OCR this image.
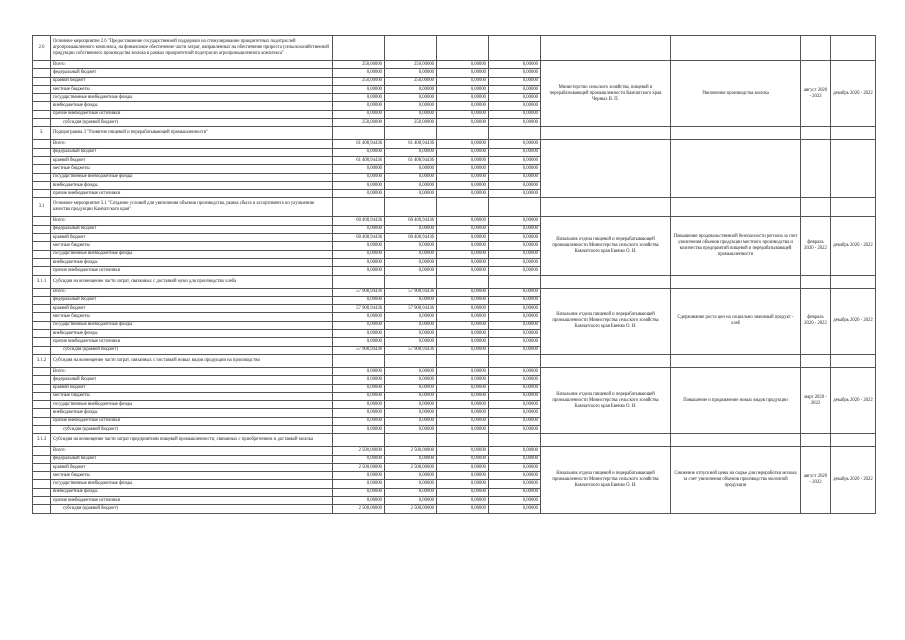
2.6	Основное мероприятие 2.6 "Предоставление государственной поддержки на стимулирование приоритетных подотраслей агропромышленного комплекса, на финансовое обеспечение части затрат, направленных на обеспечение прироста (сельскохозяйственной продукции собственного производства молока в рамках приоритетной подотрасли агропромышленного комплекса"								
	Всего:	250,00000	250,00000	0,00000	0,00000	Министерство сельского хозяйства, пищевой и перерабатывающей промышленности Камчатского края Черных В. П.	Увеличение производства молока	август 2020 - 2022	декабрь 2020 - 2022
	федеральный бюджет	0,00000	0,00000	0,00000	0,00000				
	краевой бюджет	250,00000	250,00000	0,00000	0,00000				
	местные бюджеты	0,00000	0,00000	0,00000	0,00000				
	государственные внебюджетные фонды	0,00000	0,00000	0,00000	0,00000				
	внебюджетные фонды	0,00000	0,00000	0,00000	0,00000				
	прочие внебюджетные источники	0,00000	0,00000	0,00000	0,00000				
	субсидия (краевой бюджет)	250,00000	250,00000	0,00000	0,00000				
3.	Подпрограмма 3 "Развитие пищевой и перерабатывающей промышленности"								
	Всего:	61 408,94436	61 408,94436	0,00000	0,00000				
	федеральный бюджет	0,00000	0,00000	0,00000	0,00000				
	краевой бюджет	61 408,94436	61 408,94436	0,00000	0,00000				
	местные бюджеты	0,00000	0,00000	0,00000	0,00000				
	государственные внебюджетные фонды	0,00000	0,00000	0,00000	0,00000				
	внебюджетные фонды	0,00000	0,00000	0,00000	0,00000				
	прочие внебюджетные источники	0,00000	0,00000	0,00000	0,00000				
3.1	Основное мероприятие 3.1 "Создание условий для увеличения объемов производства, рынка сбыта и ассортимента по улучшению качества продукции Камчатского края"								
	Всего:	60 408,94436	60 408,94436	0,00000	0,00000	Начальник отдела пищевой и перерабатывающей промышленности Министерства сельского хозяйства Камчатского края Евенко О. И.	Повышение продовольственной безопасности региона за счет увеличения объемов продукции местного производства и количества предприятий пищевой и перерабатывающей промышленности	февраль 2020 - 2022	декабрь 2020 - 2022
	федеральный бюджет	0,00000	0,00000	0,00000	0,00000				
	краевой бюджет	60 408,94436	60 408,94436	0,00000	0,00000				
	местные бюджеты	0,00000	0,00000	0,00000	0,00000				
	государственные внебюджетные фонды	0,00000	0,00000	0,00000	0,00000				
	внебюджетные фонды	0,00000	0,00000	0,00000	0,00000				
	прочие внебюджетные источники	0,00000	0,00000	0,00000	0,00000				
3.1.1	Субсидия на возмещение части затрат, связанных с доставкой муки для производства хлеба								
	Всего:	57 908,94436	57 908,94436	0,00000	0,00000	Начальник отдела пищевой и перерабатывающей промышленности Министерства сельского хозяйства Камчатского края Евенко О. И.	Сдерживание роста цен на социально значимый продукт - хлеб	февраль 2020 - 2022	декабрь 2020 - 2022
	федеральный бюджет	0,00000	0,00000	0,00000	0,00000				
	краевой бюджет	57 908,94436	57 908,94436	0,00000	0,00000				
	местные бюджеты	0,00000	0,00000	0,00000	0,00000				
	государственные внебюджетные фонды	0,00000	0,00000	0,00000	0,00000				
	внебюджетные фонды	0,00000	0,00000	0,00000	0,00000				
	прочие внебюджетные источники	0,00000	0,00000	0,00000	0,00000				
	субсидия (краевой бюджет)	57 908,94436	57 908,94436	0,00000	0,00000				
3.1.2	Субсидия на возмещение части затрат, связанных с поставкой новых видов продукции на производство								
	Всего:	0,00000	0,00000	0,00000	0,00000	Начальник отдела пищевой и перерабатывающей промышленности Министерства сельского хозяйства Камчатского края Евенко О. И.	Повышение и продвижение новых видов продукции	март 2020 - 2022	декабрь 2020 - 2022
	федеральный бюджет	0,00000	0,00000	0,00000	0,00000				
	краевой бюджет	0,00000	0,00000	0,00000	0,00000				
	местные бюджеты	0,00000	0,00000	0,00000	0,00000				
	государственные внебюджетные фонды	0,00000	0,00000	0,00000	0,00000				
	внебюджетные фонды	0,00000	0,00000	0,00000	0,00000				
	прочие внебюджетные источники	0,00000	0,00000	0,00000	0,00000				
	субсидия (краевой бюджет)	0,00000	0,00000	0,00000	0,00000				
3.1.3	Субсидия на возмещение части затрат предприятиям пищевой промышленности, связанных с приобретением и доставкой молока								
	Всего:	2 500,00000	2 500,00000	0,00000	0,00000	Начальник отдела пищевой и перерабатывающей промышленности Министерства сельского хозяйства Камчатского края Евенко О. И.	Снижение отпускной цены на сырье для переработки молока за счет увеличения объемов производства молочной продукции	август 2020 - 2022	декабрь 2020 - 2022
	федеральный бюджет	0,00000	0,00000	0,00000	0,00000				
	краевой бюджет	2 500,00000	2 500,00000	0,00000	0,00000				
	местные бюджеты	0,00000	0,00000	0,00000	0,00000				
	государственные внебюджетные фонды	0,00000	0,00000	0,00000	0,00000				
	внебюджетные фонды	0,00000	0,00000	0,00000	0,00000				
	прочие внебюджетные источники	0,00000	0,00000	0,00000	0,00000				
	субсидия (краевой бюджет)	2 500,00000	2 500,00000	0,00000	0,00000				
